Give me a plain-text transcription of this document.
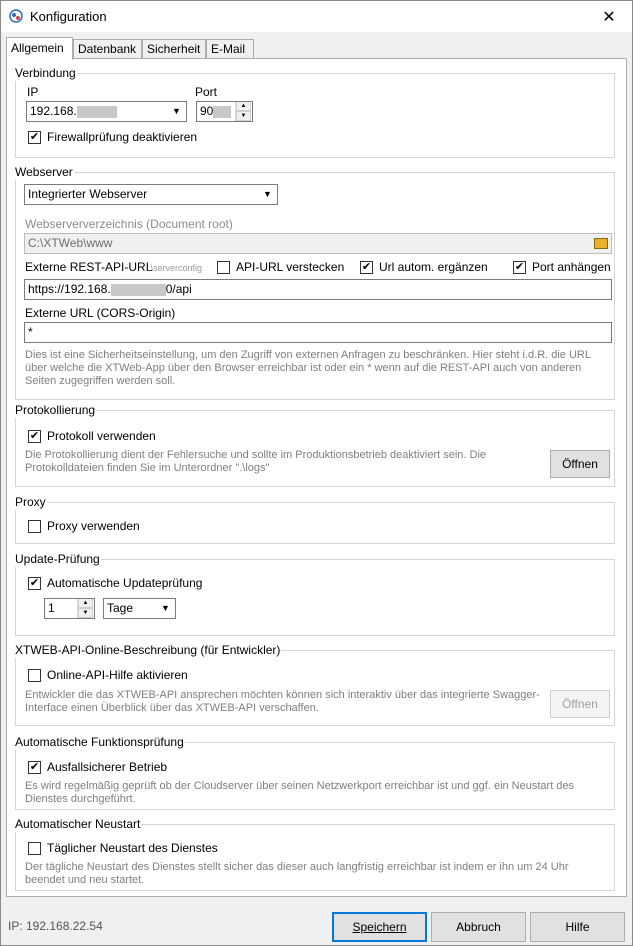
Konfiguration	✕
Allgemein	Datenbank Sicherheit E-Mail
Verbindung
IP
192.168.	▼
Port
90	▲
▼
✔ Firewallprüfung deaktivieren
Webserver
Integrierter Webserver	▼
Webserververzeichnis (Document root)
C:\XTWeb\www
Externe REST-API-URL
...\serverconfig	API-URL verstecken ✔ Url autom. ergänzen ✔ Port anhängen
https://192.168.	0/api
Externe URL (CORS-Origin)
*
Dies ist eine Sicherheitseinstellung, um den Zugriff von externen Anfragen zu beschränken. Hier steht i.d.R. die URL über welche die XTWeb-App über den Browser erreichbar ist oder ein * wenn auf die REST-API auch von anderen Seiten zugegriffen werden soll.
Protokollierung
✔ Protokoll verwenden
Die Protokollierung dient der Fehlersuche und sollte im Produktionsbetrieb deaktiviert sein. Die Protokolldateien finden Sie im Unterordner ".\logs"	Öffnen
Proxy
Proxy verwenden
Update-Prüfung
✔ Automatische Updateprüfung
1	▲
▼	Tage	▼
XTWEB-API-Online-Beschreibung (für Entwickler)
Online-API-Hilfe aktivieren
Entwickler die das XTWEB-API ansprechen möchten können sich interaktiv über das integrierte Swagger-Interface einen Überblick über das XTWEB-API verschaffen.	Öffnen
Automatische Funktionsprüfung
✔ Ausfallsicherer Betrieb
Es wird regelmäßig geprüft ob der Cloudserver über seinen Netzwerkport erreichbar ist und ggf. ein Neustart des Dienstes durchgeführt.
Automatischer Neustart
Täglicher Neustart des Dienstes
Der tägliche Neustart des Dienstes stellt sicher das dieser auch langfristig erreichbar ist indem er ihn um 24 Uhr beendet und neu startet.
IP: 192.168.22.54	Speichern	Abbruch	Hilfe
